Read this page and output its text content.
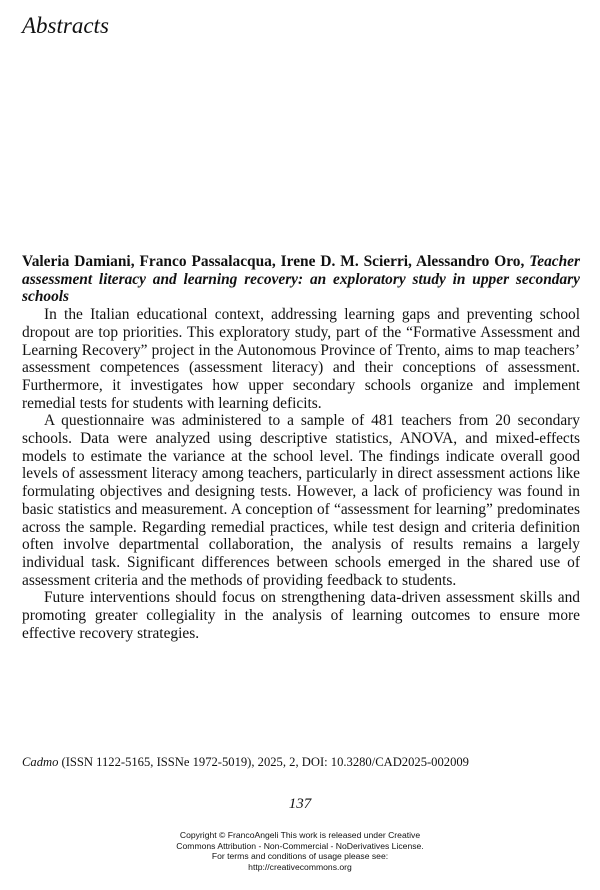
Abstracts

Valeria Damiani, Franco Passalacqua, Irene D. M. Scierri, Alessandro Oro, Teacher assessment literacy and learning recovery: an exploratory study in upper secondary schools

In the Italian educational context, addressing learning gaps and preventing school dropout are top priorities. This exploratory study, part of the “Formative Assessment and Learning Recovery” project in the Autonomous Province of Trento, aims to map teachers’ assessment competences (assessment literacy) and their conceptions of assessment. Furthermore, it investigates how upper secondary schools organize and implement remedial tests for students with learning deficits.

A questionnaire was administered to a sample of 481 teachers from 20 secondary schools. Data were analyzed using descriptive statistics, ANOVA, and mixed-effects models to estimate the variance at the school level. The findings indicate overall good levels of assessment literacy among teachers, particularly in direct assessment actions like formulating objectives and designing tests. However, a lack of proficiency was found in basic statistics and measurement. A conception of “assessment for learning” predominates across the sample. Regarding remedial practices, while test design and criteria definition often involve departmental collaboration, the analysis of results remains a largely individual task. Significant differences between schools emerged in the shared use of assessment criteria and the methods of providing feedback to students.

Future interventions should focus on strengthening data-driven assessment skills and promoting greater collegiality in the analysis of learning outcomes to ensure more effective recovery strategies.

Cadmo (ISSN 1122-5165, ISSNe 1972-5019), 2025, 2, DOI: 10.3280/CAD2025-002009
137
Copyright © FrancoAngeli This work is released under Creative
Commons Attribution - Non-Commercial - NoDerivatives License.
For terms and conditions of usage please see:
http://creativecommons.org
